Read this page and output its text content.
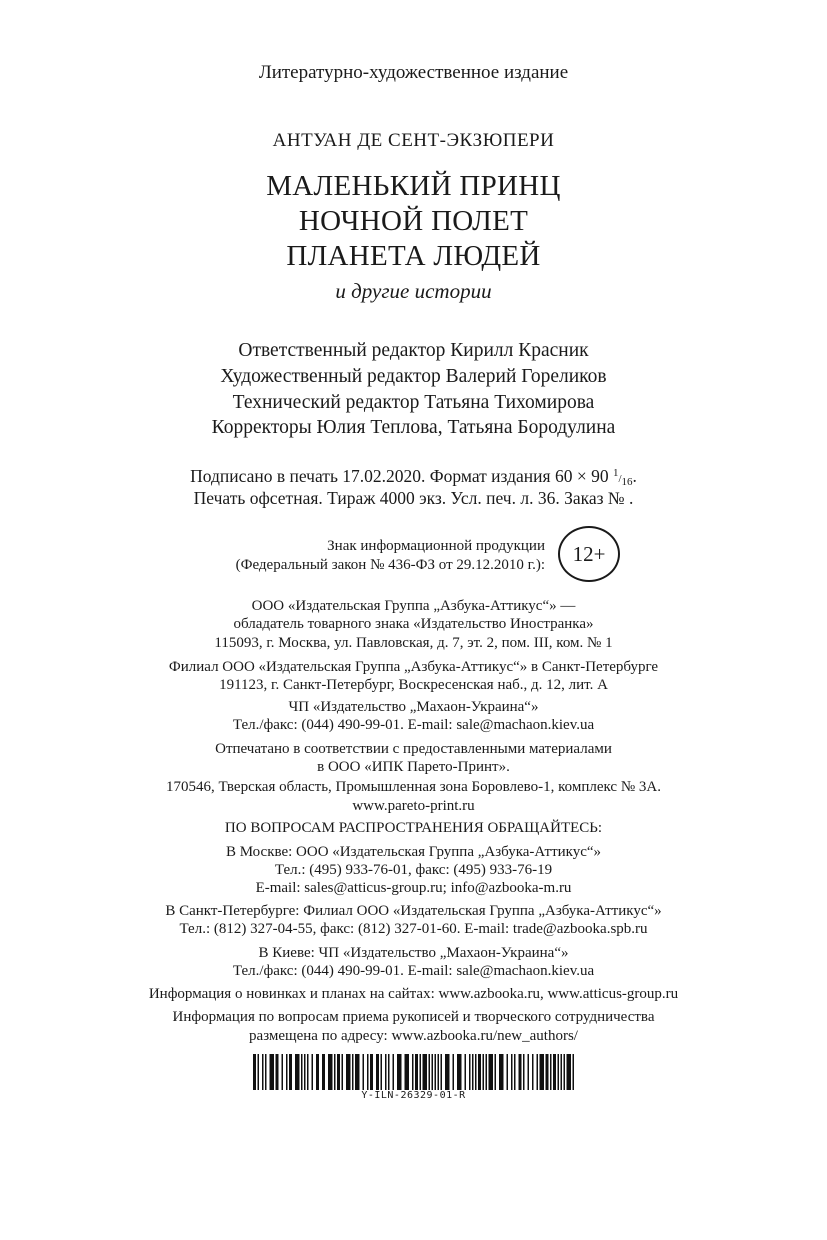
Литературно-художественное издание
АНТУАН ДЕ СЕНТ-ЭКЗЮПЕРИ
МАЛЕНЬКИЙ ПРИНЦ
НОЧНОЙ ПОЛЕТ
ПЛАНЕТА ЛЮДЕЙ
и другие истории
Ответственный редактор Кирилл Красник
Художественный редактор Валерий Гореликов
Технический редактор Татьяна Тихомирова
Корректоры Юлия Теплова, Татьяна Бородулина
Подписано в печать 17.02.2020. Формат издания 60 × 90 $^1/_{16}$.
Печать офсетная. Тираж 4000 экз. Усл. печ. л. 36. Заказ № .
Знак информационной продукции
(Федеральный закон № 436-ФЗ от 29.12.2010 г.):	12+
ООО «Издательская Группа „Азбука-Аттикус“» —
обладатель товарного знака «Издательство Иностранка»
115093, г. Москва, ул. Павловская, д. 7, эт. 2, пом. III, ком. № 1
Филиал ООО «Издательская Группа „Азбука-Аттикус“» в Санкт-Петербурге
191123, г. Санкт-Петербург, Воскресенская наб., д. 12, лит. А
ЧП «Издательство „Махаон-Украина“»
Тел./факс: (044) 490-99-01. E-mail: sale@machaon.kiev.ua
Отпечатано в соответствии с предоставленными материалами
в ООО «ИПК Парето-Принт».
170546, Тверская область, Промышленная зона Боровлево-1, комплекс № 3А.
www.pareto-print.ru
ПО ВОПРОСАМ РАСПРОСТРАНЕНИЯ ОБРАЩАЙТЕСЬ:
В Москве: ООО «Издательская Группа „Азбука-Аттикус“»
Тел.: (495) 933-76-01, факс: (495) 933-76-19
E-mail: sales@atticus-group.ru; info@azbooka-m.ru
В Санкт-Петербурге: Филиал ООО «Издательская Группа „Азбука-Аттикус“»
Тел.: (812) 327-04-55, факс: (812) 327-01-60. E-mail: trade@azbooka.spb.ru
В Киеве: ЧП «Издательство „Махаон-Украина“»
Тел./факс: (044) 490-99-01. E-mail: sale@machaon.kiev.ua
Информация о новинках и планах на сайтах: www.azbooka.ru, www.atticus-group.ru
Информация по вопросам приема рукописей и творческого сотрудничества
размещена по адресу: www.azbooka.ru/new_authors/
Y-ILN-26329-01-R
